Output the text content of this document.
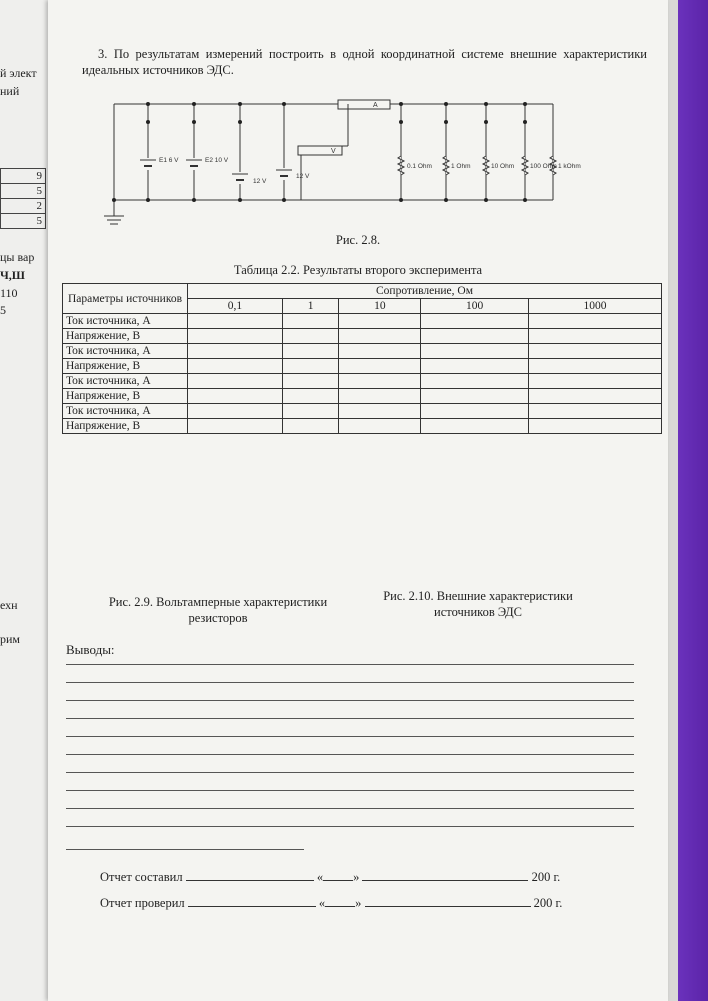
й элект
ний
9
5
2
5
цы вар
Ч,Ш
110
5
ехн
рим
3. По результатам измерений построить в одной координатной системе внешние характеристики идеальных источников ЭДС.
E1 6 V	E2 10 V
12 V
12 V
A
V
0.1 Ohm	1 Ohm	10 Ohm 100 Ohm 1 kOhm
Рис. 2.8.
Таблица 2.2. Результаты второго эксперимента
Параметры источников	Сопротивление, Ом				
	0,1	1	10	100	1000
Ток источника, А					
Напряжение, В					
Ток источника, А					
Напряжение, В					
Ток источника, А					
Напряжение, В					
Ток источника, А					
Напряжение, В					
Рис. 2.9. Вольтамперные характеристики
резисторов
Рис. 2.10. Внешние характеристики
источников ЭДС
Выводы:
Отчет составил	« »	200 г.
Отчет проверил	« »	200 г.
